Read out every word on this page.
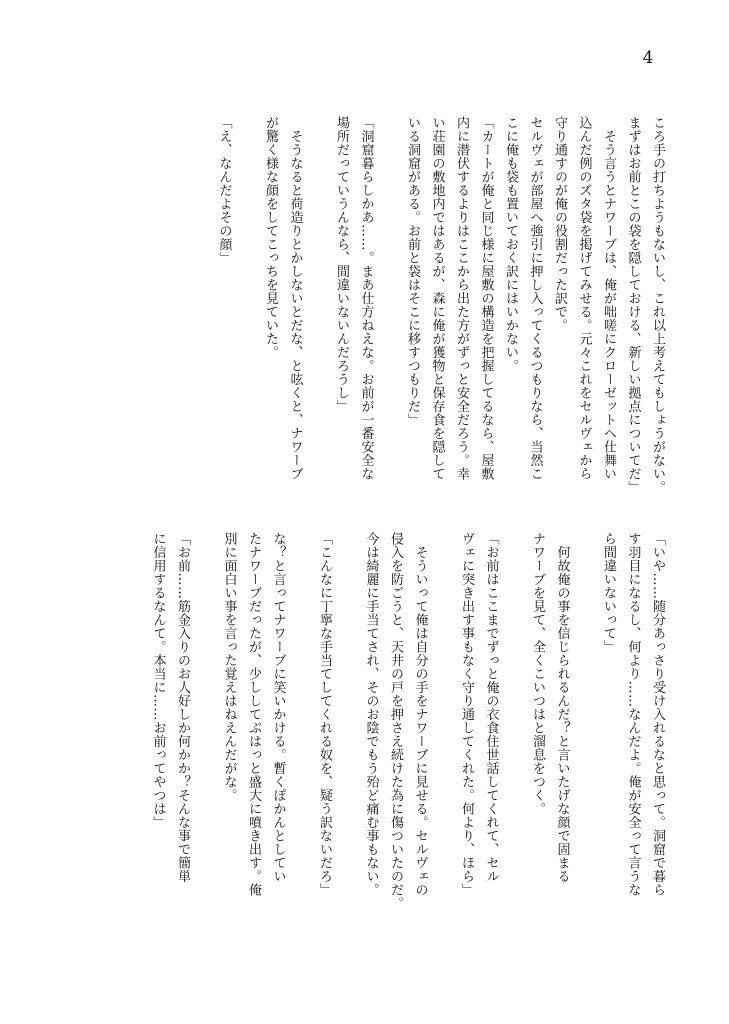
4
ころ手の打ちようもないし、これ以上考えてもしょうがない。
まずはお前とこの袋を隠しておける、新しい拠点についてだ」
　そう言うとナワーブは、俺が咄嗟にクローゼットへ仕舞い
込んだ例のズタ袋を掲げてみせる。元々これをセルヴェから
守り通すのが俺の役割だった訳で。
セルヴェが部屋へ強引に押し入ってくるつもりなら、当然こ
こに俺も袋も置いておく訳にはいかない。
「カートが俺と同じ様に屋敷の構造を把握してるなら、屋敷
内に潜伏するよりはここから出た方がずっと安全だろう。幸
い荘園の敷地内ではあるが、森に俺が獲物と保存食を隠して
いる洞窟がある。お前と袋はそこに移すつもりだ」
「洞窟暮らしかあ……。まあ仕方ねえな。お前が一番安全な
場所だっていうんなら、間違いないんだろうし」
　そうなると荷造りとかしないとだな、と呟くと、ナワーブ
が驚く様な顔をしてこっちを見ていた。
「え、なんだよその顔」
「いや……随分あっさり受け入れるなと思って。洞窟で暮ら
す羽目になるし、何より……なんだよ。俺が安全って言うな
ら間違いないって」
　何故俺の事を信じられるんだ？と言いたげな顔で固まる
ナワーブを見て、全くこいつはと溜息をつく。
「お前はここまでずっと俺の衣食住世話してくれて、セル
ヴェに突き出す事もなく守り通してくれた。何より、ほら」
　そういって俺は自分の手をナワーブに見せる。セルヴェの
侵入を防ごうと、天井の戸を押さえ続けた為に傷ついたのだ。
今は綺麗に手当てされ、そのお陰でもう殆ど痛む事もない。
「こんなに丁寧な手当てしてくれる奴を、疑う訳ないだろ」
な？と言ってナワーブに笑いかける。暫くぽかんとしてい
たナワーブだったが、少ししてぶはっと盛大に噴き出す。俺
別に面白い事を言った覚えはねえんだがな。
「お前……筋金入りのお人好しか何かか？そんな事で簡単
に信用するなんて。本当に……お前ってやつは」
